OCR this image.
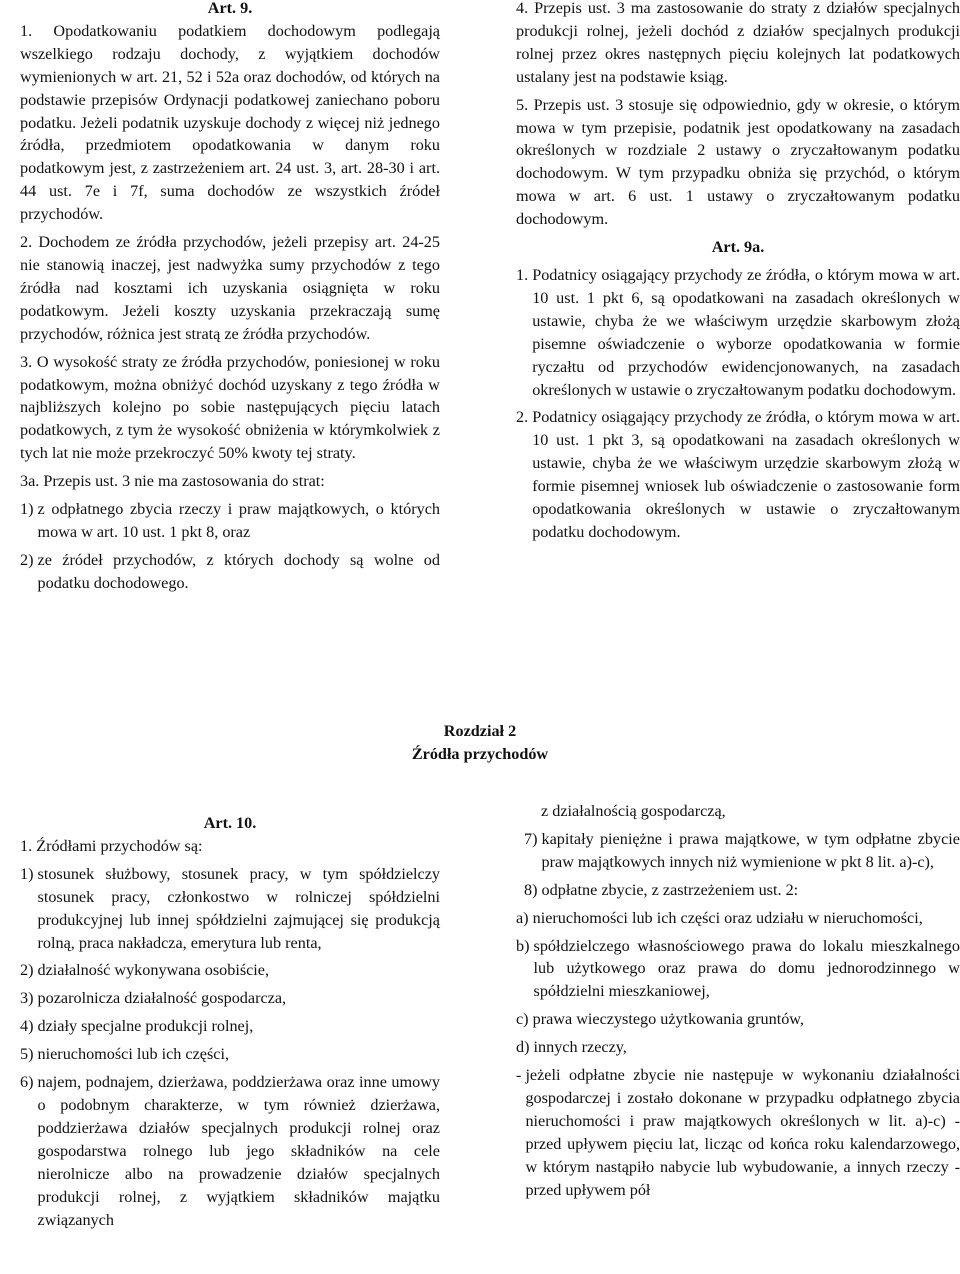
Art. 9.

1. Opodatkowaniu podatkiem dochodowym podlegają wszelkiego rodzaju dochody, z wyjątkiem dochodów wymienionych w art. 21, 52 i 52a oraz dochodów, od których na podstawie przepisów Ordynacji podatkowej zaniechano poboru podatku. Jeżeli podatnik uzyskuje dochody z więcej niż jednego źródła, przedmiotem opodatkowania w danym roku podatkowym jest, z zastrzeżeniem art. 24 ust. 3, art. 28-30 i art. 44 ust. 7e i 7f, suma dochodów ze wszystkich źródeł przychodów.

2. Dochodem ze źródła przychodów, jeżeli przepisy art. 24-25 nie stanowią inaczej, jest nadwyżka sumy przychodów z tego źródła nad kosztami ich uzyskania osiągnięta w roku podatkowym. Jeżeli koszty uzyskania przekraczają sumę przychodów, różnica jest stratą ze źródła przychodów.

3. O wysokość straty ze źródła przychodów, poniesionej w roku podatkowym, można obniżyć dochód uzyskany z tego źródła w najbliższych kolejno po sobie następujących pięciu latach podatkowych, z tym że wysokość obniżenia w którymkolwiek z tych lat nie może przekroczyć 50% kwoty tej straty.

3a. Przepis ust. 3 nie ma zastosowania do strat:

1) z odpłatnego zbycia rzeczy i praw majątkowych, o których mowa w art. 10 ust. 1 pkt 8, oraz
2) ze źródeł przychodów, z których dochody są wolne od podatku dochodowego.

4. Przepis ust. 3 ma zastosowanie do straty z działów specjalnych produkcji rolnej, jeżeli dochód z działów specjalnych produkcji rolnej przez okres następnych pięciu kolejnych lat podatkowych ustalany jest na podstawie ksiąg.

5. Przepis ust. 3 stosuje się odpowiednio, gdy w okresie, o którym mowa w tym przepisie, podatnik jest opodatkowany na zasadach określonych w rozdziale 2 ustawy o zryczałtowanym podatku dochodowym. W tym przypadku obniża się przychód, o którym mowa w art. 6 ust. 1 ustawy o zryczałtowanym podatku dochodowym.

Art. 9a.

1. Podatnicy osiągający przychody ze źródła, o którym mowa w art. 10 ust. 1 pkt 6, są opodatkowani na zasadach określonych w ustawie, chyba że we właściwym urzędzie skarbowym złożą pisemne oświadczenie o wyborze opodatkowania w formie ryczałtu od przychodów ewidencjonowanych, na zasadach określonych w ustawie o zryczałtowanym podatku dochodowym.
2. Podatnicy osiągający przychody ze źródła, o którym mowa w art. 10 ust. 1 pkt 3, są opodatkowani na zasadach określonych w ustawie, chyba że we właściwym urzędzie skarbowym złożą w formie pisemnej wniosek lub oświadczenie o zastosowanie form opodatkowania określonych w ustawie o zryczałtowanym podatku dochodowym.
Rozdział 2
Źródła przychodów

Art. 10.

1. Źródłami przychodów są:

1) stosunek służbowy, stosunek pracy, w tym spółdzielczy stosunek pracy, członkostwo w rolniczej spółdzielni produkcyjnej lub innej spółdzielni zajmującej się produkcją rolną, praca nakładcza, emerytura lub renta,
2) działalność wykonywana osobiście,
3) pozarolnicza działalność gospodarcza,
4) działy specjalne produkcji rolnej,
5) nieruchomości lub ich części,
6) najem, podnajem, dzierżawa, poddzierżawa oraz inne umowy o podobnym charakterze, w tym również dzierżawa, poddzierżawa działów specjalnych produkcji rolnej oraz gospodarstwa rolnego lub jego składników na cele nierolnicze albo na prowadzenie działów specjalnych produkcji rolnej, z wyjątkiem składników majątku związanych

z działalnością gospodarczą,

7) kapitały pieniężne i prawa majątkowe, w tym odpłatne zbycie praw majątkowych innych niż wymienione w pkt 8 lit. a)-c),
8) odpłatne zbycie, z zastrzeżeniem ust. 2:
a) nieruchomości lub ich części oraz udziału w nieruchomości,
b) spółdzielczego własnościowego prawa do lokalu mieszkalnego lub użytkowego oraz prawa do domu jednorodzinnego w spółdzielni mieszkaniowej,
c) prawa wieczystego użytkowania gruntów,
d) innych rzeczy,
- jeżeli odpłatne zbycie nie następuje w wykonaniu działalności gospodarczej i zostało dokonane w przypadku odpłatnego zbycia nieruchomości i praw majątkowych określonych w lit. a)-c) - przed upływem pięciu lat, licząc od końca roku kalendarzowego, w którym nastąpiło nabycie lub wybudowanie, a innych rzeczy - przed upływem pół
